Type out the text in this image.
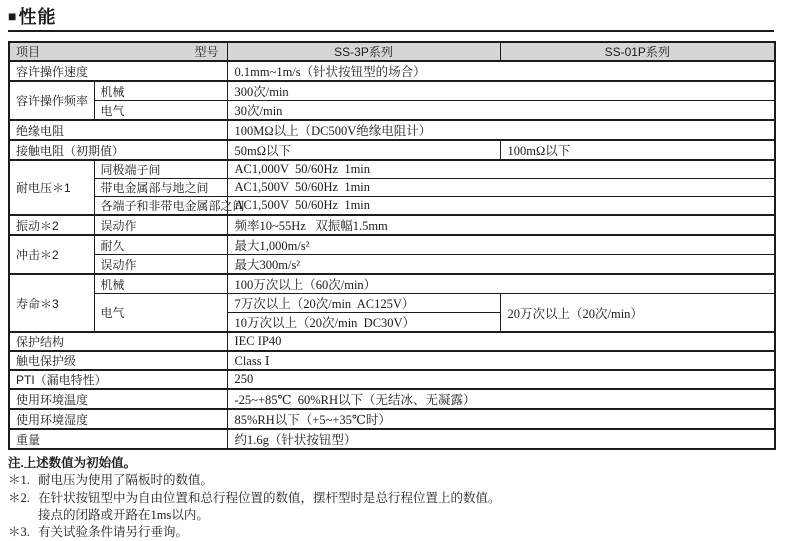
■ 性能
项目 型号		SS-3P系列	SS-01P系列
容许操作速度		0.1mm~1m/s（针状按钮型的场合）	
容许操作频率	机械	300次/min	
	电气	30次/min	
绝缘电阻		100MΩ以上（DC500V绝缘电阻计）	
接触电阻（初期值）		50mΩ以下	100mΩ以下
耐电压＊1	同极端子间	AC1,000V  50/60Hz  1min	
	带电金属部与地之间	AC1,500V  50/60Hz  1min	
	各端子和非带电金属部之间	AC1,500V  50/60Hz  1min	
振动＊2	误动作	频率10~55Hz   双振幅1.5mm	
冲击＊2	耐久	最大1,000m/s²	
	误动作	最大300m/s²	
寿命＊3	机械	100万次以上（60次/min）	
	电气	7万次以上（20次/min  AC125V）	20万次以上（20次/min）
		10万次以上（20次/min  DC30V）	
保护结构		IEC IP40	
触电保护级		Class Ⅰ	
PTI（漏电特性）		250	
使用环境温度		-25~+85℃  60%RH以下（无结冰、无凝露）	
使用环境湿度		85%RH以下（+5~+35℃时）	
重量		约1.6g（针状按钮型）	
注.上述数值为初始值。
＊1. 耐电压为使用了隔板时的数值。
＊2. 在针状按钮型中为自由位置和总行程位置的数值，摆杆型时是总行程位置上的数值。
接点的闭路或开路在1ms以内。
＊3. 有关试验条件请另行垂询。
